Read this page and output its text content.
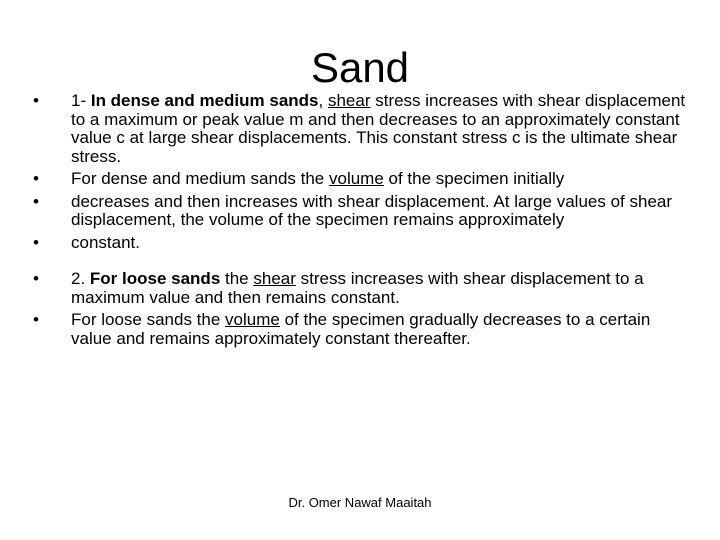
Sand
•	1- In dense and medium sands, shear stress increases with shear displacement to a maximum or peak value m and then decreases to an approximately constant value c at large shear displacements. This constant stress c is the ultimate shear stress.
•	For dense and medium sands the volume of the specimen initially
•	decreases and then increases with shear displacement. At large values of shear displacement, the volume of the specimen remains approximately
•	constant.
•	2. For loose sands the shear stress increases with shear displacement to a maximum value and then remains constant.
•	For loose sands the volume of the specimen gradually decreases to a certain value and remains approximately constant thereafter.
Dr. Omer Nawaf Maaitah
